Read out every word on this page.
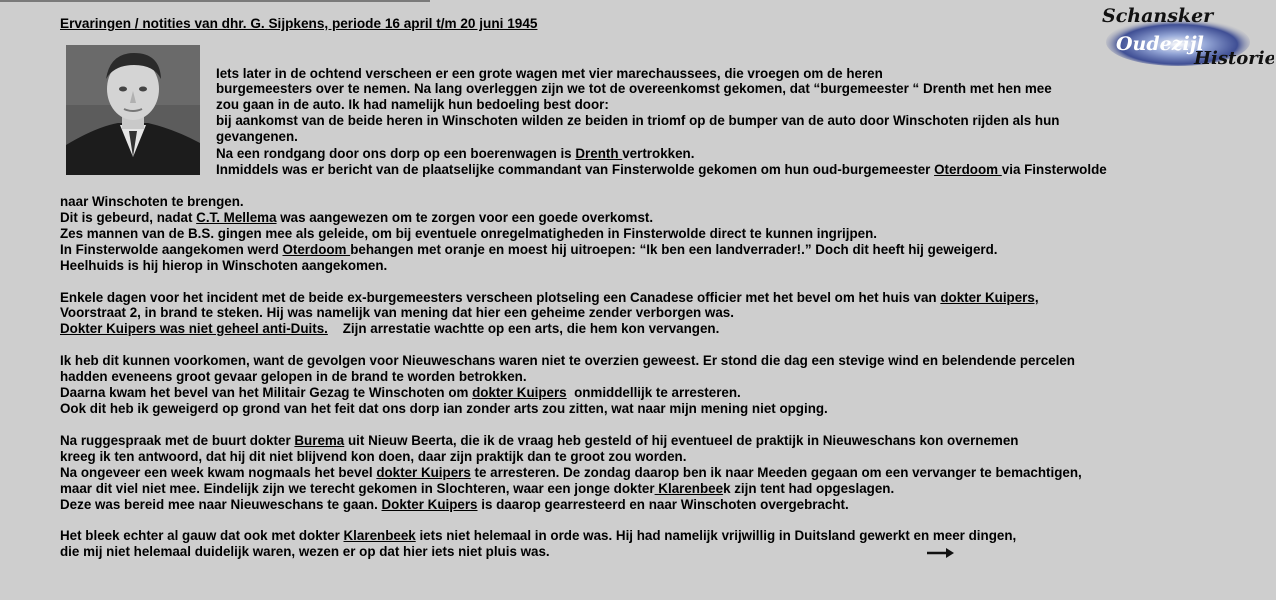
Ervaringen / notities van dhr. G. Sijpkens, periode 16 april t/m 20 juni 1945	Schansker
Oudezijl
Historie
Iets later in de ochtend verscheen er een grote wagen met vier marechaussees, die vroegen om de heren
burgemeesters over te nemen. Na lang overleggen zijn we tot de overeenkomst gekomen, dat “burgemeester “ Drenth met hen mee
zou gaan in de auto. Ik had namelijk hun bedoeling best door:
bij aankomst van de beide heren in Winschoten wilden ze beiden in triomf op de bumper van de auto door Winschoten rijden als hun
gevangenen.
Na een rondgang door ons dorp op een boerenwagen is Drenth vertrokken.
Inmiddels was er bericht van de plaatselijke commandant van Finsterwolde gekomen om hun oud-burgemeester Oterdoom via Finsterwolde
naar Winschoten te brengen.
Dit is gebeurd, nadat C.T. Mellema was aangewezen om te zorgen voor een goede overkomst.
Zes mannen van de B.S. gingen mee als geleide, om bij eventuele onregelmatigheden in Finsterwolde direct te kunnen ingrijpen.
In Finsterwolde aangekomen werd Oterdoom behangen met oranje en moest hij uitroepen: “Ik ben een landverrader!.” Doch dit heeft hij geweigerd.
Heelhuids is hij hierop in Winschoten aangekomen.
Enkele dagen voor het incident met de beide ex-burgemeesters verscheen plotseling een Canadese officier met het bevel om het huis van dokter Kuipers,
Voorstraat 2, in brand te steken. Hij was namelijk van mening dat hier een geheime zender verborgen was.
Dokter Kuipers was niet geheel anti-Duits.    Zijn arrestatie wachtte op een arts, die hem kon vervangen.
Ik heb dit kunnen voorkomen, want de gevolgen voor Nieuweschans waren niet te overzien geweest. Er stond die dag een stevige wind en belendende percelen
hadden eveneens groot gevaar gelopen in de brand te worden betrokken.
Daarna kwam het bevel van het Militair Gezag te Winschoten om dokter Kuipers  onmiddellijk te arresteren.
Ook dit heb ik geweigerd op grond van het feit dat ons dorp ian zonder arts zou zitten, wat naar mijn mening niet opging.
Na ruggespraak met de buurt dokter Burema uit Nieuw Beerta, die ik de vraag heb gesteld of hij eventueel de praktijk in Nieuweschans kon overnemen
kreeg ik ten antwoord, dat hij dit niet blijvend kon doen, daar zijn praktijk dan te groot zou worden.
Na ongeveer een week kwam nogmaals het bevel dokter Kuipers te arresteren. De zondag daarop ben ik naar Meeden gegaan om een vervanger te bemachtigen,
maar dit viel niet mee. Eindelijk zijn we terecht gekomen in Slochteren, waar een jonge dokter Klarenbeek zijn tent had opgeslagen.
Deze was bereid mee naar Nieuweschans te gaan. Dokter Kuipers is daarop gearresteerd en naar Winschoten overgebracht.
Het bleek echter al gauw dat ook met dokter Klarenbeek iets niet helemaal in orde was. Hij had namelijk vrijwillig in Duitsland gewerkt en meer dingen,
die mij niet helemaal duidelijk waren, wezen er op dat hier iets niet pluis was.
